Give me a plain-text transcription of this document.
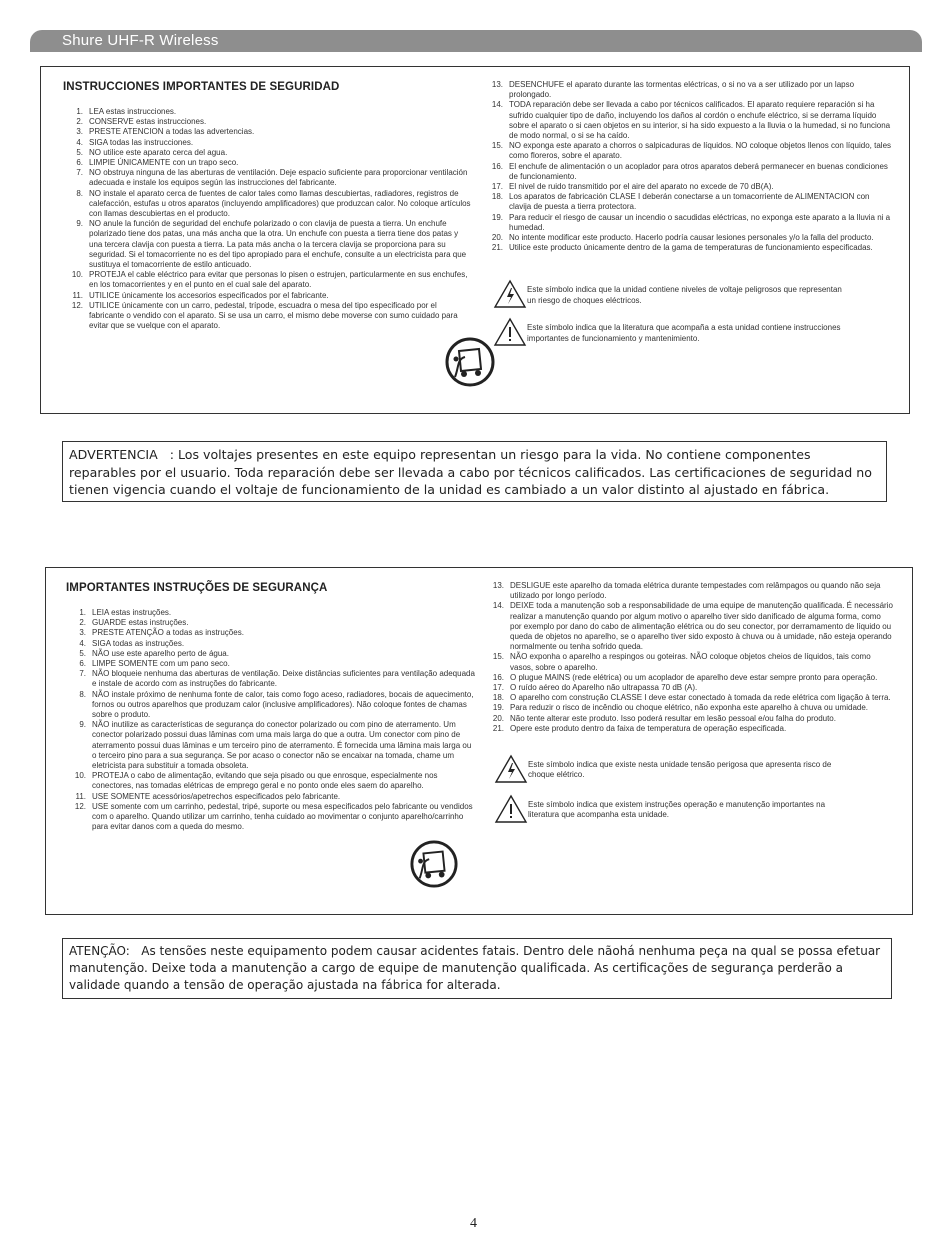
Shure UHF-R Wireless
INSTRUCCIONES IMPORTANTES DE SEGURIDAD
1. LEA estas instrucciones.
2. CONSERVE estas instrucciones.
3. PRESTE ATENCION a todas las advertencias.
4. SIGA todas las instrucciones.
5. NO utilice este aparato cerca del agua.
6. LIMPIE ÚNICAMENTE con un trapo seco.
7. NO obstruya ninguna de las aberturas de ventilación. Deje espacio suficiente para proporcionar ventilación adecuada e instale los equipos según las instrucciones del fabricante.
8. NO instale el aparato cerca de fuentes de calor tales como llamas descubiertas, radiadores, registros de calefacción, estufas u otros aparatos (incluyendo amplificadores) que produzcan calor. No coloque artículos con llamas descubiertas en el producto.
9. NO anule la función de seguridad del enchufe polarizado o con clavija de puesta a tierra. Un enchufe polarizado tiene dos patas, una más ancha que la otra. Un enchufe con puesta a tierra tiene dos patas y una tercera clavija con puesta a tierra. La pata más ancha o la tercera clavija se proporciona para su seguridad. Si el tomacorriente no es del tipo apropiado para el enchufe, consulte a un electricista para que sustituya el tomacorriente de estilo anticuado.
10. PROTEJA el cable eléctrico para evitar que personas lo pisen o estrujen, particularmente en sus enchufes, en los tomacorrientes y en el punto en el cual sale del aparato.
11. UTILICE únicamente los accesorios especificados por el fabricante.
12. UTILICE únicamente con un carro, pedestal, trípode, escuadra o mesa del tipo especificado por el fabricante o vendido con el aparato. Si se usa un carro, el mismo debe moverse con sumo cuidado para evitar que se vuelque con el aparato.
13. DESENCHUFE el aparato durante las tormentas eléctricas, o si no va a ser utilizado por un lapso prolongado.
14. TODA reparación debe ser llevada a cabo por técnicos calificados. El aparato requiere reparación si ha sufrido cualquier tipo de daño, incluyendo los daños al cordón o enchufe eléctrico, si se derrama líquido sobre el aparato o si caen objetos en su interior, si ha sido expuesto a la lluvia o la humedad, si no funciona de modo normal, o si se ha caído.
15. NO exponga este aparato a chorros o salpicaduras de líquidos. NO coloque objetos llenos con líquido, tales como floreros, sobre el aparato.
16. El enchufe de alimentación o un acoplador para otros aparatos deberá permanecer en buenas condiciones de funcionamiento.
17. El nivel de ruido transmitido por el aire del aparato no excede de 70 dB(A).
18. Los aparatos de fabricación CLASE I deberán conectarse a un tomacorriente de ALIMENTACION con clavija de puesta a tierra protectora.
19. Para reducir el riesgo de causar un incendio o sacudidas eléctricas, no exponga este aparato a la lluvia ni a humedad.
20. No intente modificar este producto. Hacerlo podría causar lesiones personales y/o la falla del producto.
21. Utilice este producto únicamente dentro de la gama de temperaturas de funcionamiento especificadas.
Este símbolo indica que la unidad contiene niveles de voltaje peligrosos que representan un riesgo de choques eléctricos.
Este símbolo indica que la literatura que acompaña a esta unidad contiene instrucciones importantes de funcionamiento y mantenimiento.
ADVERTENCIA : Los voltajes presentes en este equipo representan un riesgo para la vida. No contiene componentes reparables por el usuario. Toda reparación debe ser llevada a cabo por técnicos calificados. Las certificaciones de seguridad no tienen vigencia cuando el voltaje de funcionamiento de la unidad es cambiado a un valor distinto al ajustado en fábrica.
IMPORTANTES INSTRUÇÕES DE SEGURANÇA
1. LEIA estas instruções.
2. GUARDE estas instruções.
3. PRESTE ATENÇÃO a todas as instruções.
4. SIGA todas as instruções.
5. NÃO use este aparelho perto de água.
6. LIMPE SOMENTE com um pano seco.
7. NÃO bloqueie nenhuma das aberturas de ventilação. Deixe distâncias suficientes para ventilação adequada e instale de acordo com as instruções do fabricante.
8. NÃO instale próximo de nenhuma fonte de calor, tais como fogo aceso, radiadores, bocais de aquecimento, fornos ou outros aparelhos que produzam calor (inclusive amplificadores). Não coloque fontes de chamas sobre o produto.
9. NÃO inutilize as características de segurança do conector polarizado ou com pino de aterramento. Um conector polarizado possui duas lâminas com uma mais larga do que a outra. Um conector com pino de aterramento possui duas lâminas e um terceiro pino de aterramento. É fornecida uma lâmina mais larga ou o terceiro pino para a sua segurança. Se por acaso o conector não se encaixar na tomada, chame um eletricista para substituir a tomada obsoleta.
10. PROTEJA o cabo de alimentação, evitando que seja pisado ou que enrosque, especialmente nos conectores, nas tomadas elétricas de emprego geral e no ponto onde eles saem do aparelho.
11. USE SOMENTE acessórios/apetrechos especificados pelo fabricante.
12. USE somente com um carrinho, pedestal, tripé, suporte ou mesa especificados pelo fabricante ou vendidos com o aparelho. Quando utilizar um carrinho, tenha cuidado ao movimentar o conjunto aparelho/carrinho para evitar danos com a queda do mesmo.
13. DESLIGUE este aparelho da tomada elétrica durante tempestades com relâmpagos ou quando não seja utilizado por longo período.
14. DEIXE toda a manutenção sob a responsabilidade de uma equipe de manutenção qualificada. É necessário realizar a manutenção quando por algum motivo o aparelho tiver sido danificado de alguma forma, como por exemplo por dano do cabo de alimentação elétrica ou do seu conector, por derramamento de líquido ou queda de objetos no aparelho, se o aparelho tiver sido exposto à chuva ou à umidade, não esteja operando normalmente ou tenha sofrido queda.
15. NÃO exponha o aparelho a respingos ou goteiras. NÃO coloque objetos cheios de líquidos, tais como vasos, sobre o aparelho.
16. O plugue MAINS (rede elétrica) ou um acoplador de aparelho deve estar sempre pronto para operação.
17. O ruído aéreo do Aparelho não ultrapassa 70 dB (A).
18. O aparelho com construção CLASSE I deve estar conectado à tomada da rede elétrica com ligação à terra.
19. Para reduzir o risco de incêndio ou choque elétrico, não exponha este aparelho à chuva ou umidade.
20. Não tente alterar este produto. Isso poderá resultar em lesão pessoal e/ou falha do produto.
21. Opere este produto dentro da faixa de temperatura de operação especificada.
Este símbolo indica que existe nesta unidade tensão perigosa que apresenta risco de choque elétrico.
Este símbolo indica que existem instruções operação e manutenção importantes na literatura que acompanha esta unidade.
ATENÇÃO: As tensões neste equipamento podem causar acidentes fatais. Dentro dele nãohá nenhuma peça na qual se possa efetuar manutenção. Deixe toda a manutenção a cargo de equipe de manutenção qualificada. As certificações de segurança perderão a validade quando a tensão de operação ajustada na fábrica for alterada.
4
